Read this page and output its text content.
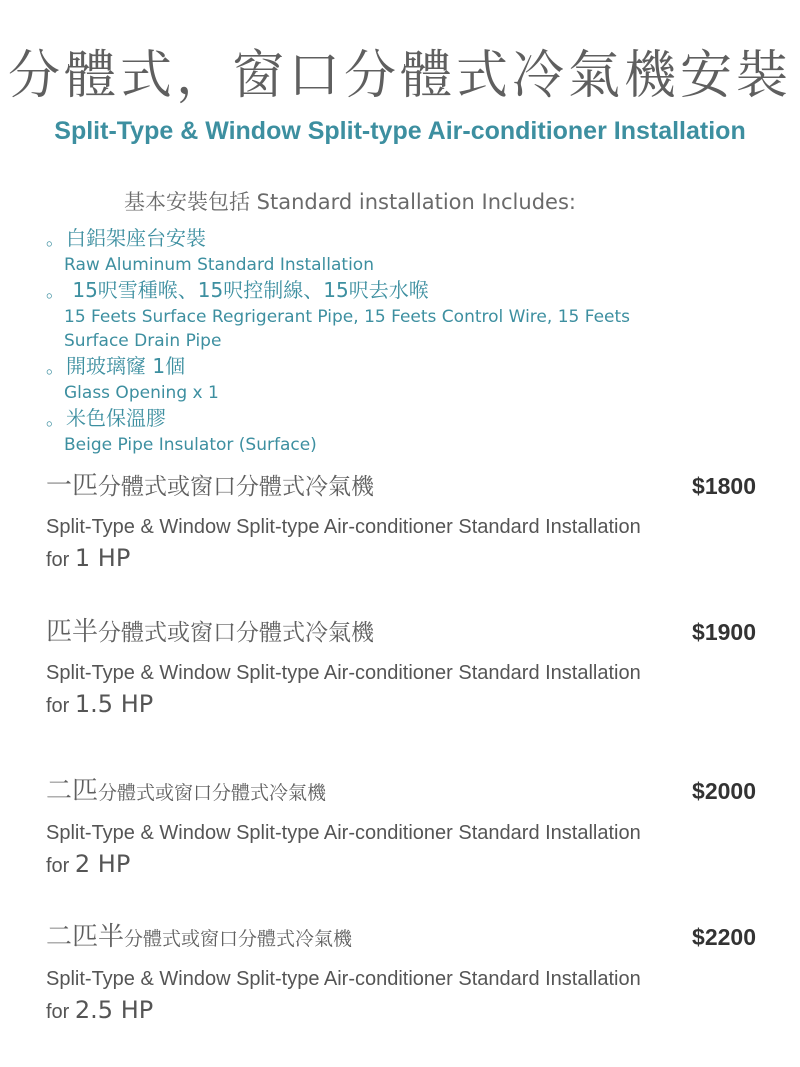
分體式，窗口分體式冷氣機安裝
Split-Type & Window Split-type Air-conditioner Installation
基本安裝包括 Standard installation Includes:
。 白鋁架座台安裝
Raw Aluminum Standard Installation
。 15呎雪種喉、15呎控制線、15呎去水喉
15 Feets Surface Regrigerant Pipe, 15 Feets Control Wire, 15 Feets Surface Drain Pipe
。 開玻璃窿 1個
Glass Opening x 1
。 米色保溫膠
Beige Pipe Insulator (Surface)
一匹分體式或窗口分體式冷氣機	$1800
Split-Type & Window Split-type Air-conditioner Standard Installation for 1 HP
匹半分體式或窗口分體式冷氣機	$1900
Split-Type & Window Split-type Air-conditioner Standard Installation for 1.5 HP
二匹分體式或窗口分體式冷氣機	$2000
Split-Type & Window Split-type Air-conditioner Standard Installation for 2 HP
二匹半分體式或窗口分體式冷氣機	$2200
Split-Type & Window Split-type Air-conditioner Standard Installation for 2.5 HP
